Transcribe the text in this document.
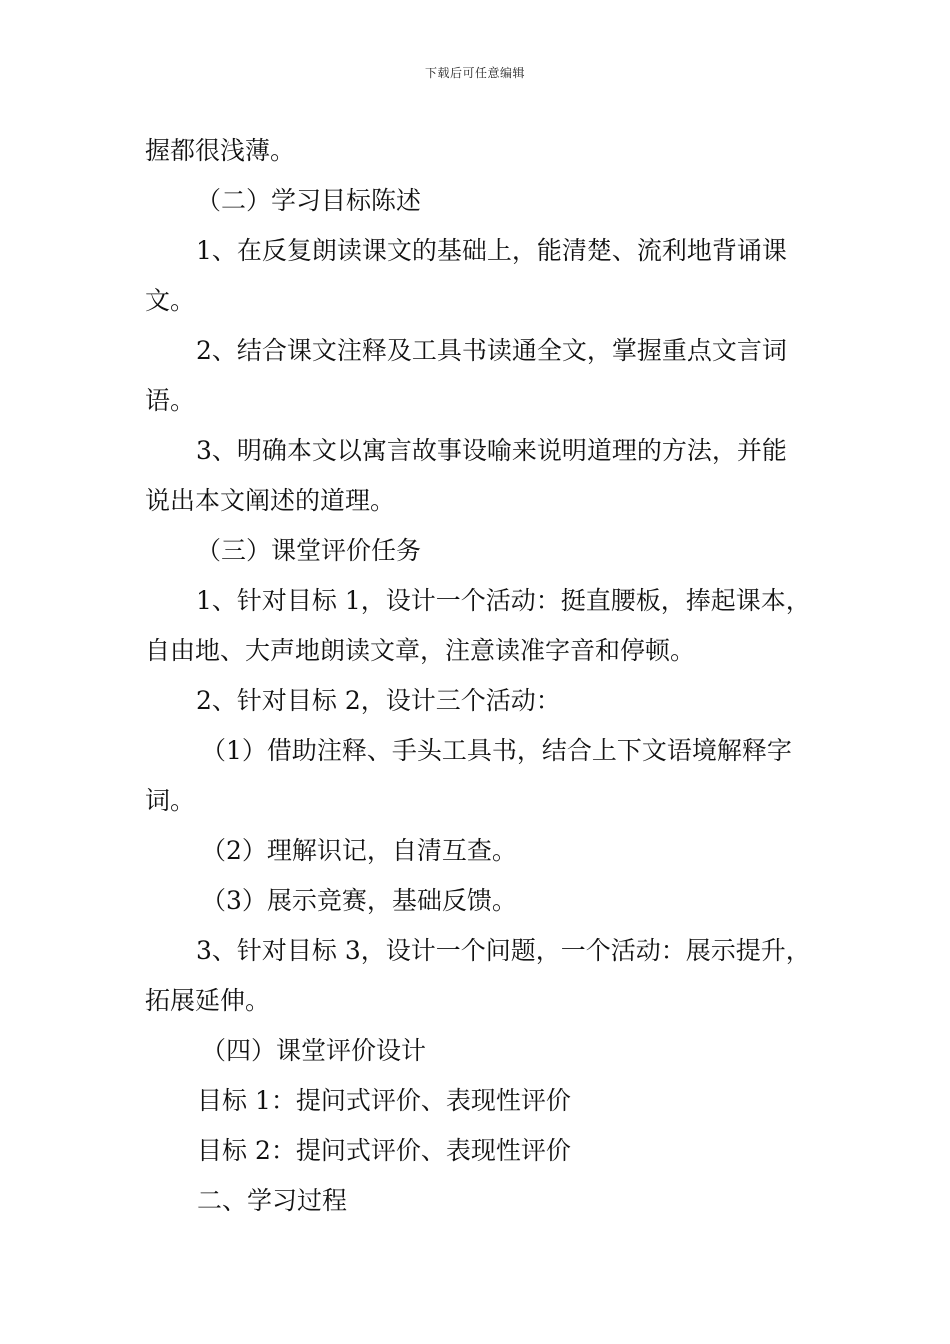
下载后可任意编辑

握都很浅薄。

（二）学习目标陈述

1、在反复朗读课文的基础上，能清楚、流利地背诵课

文。

2、结合课文注释及工具书读通全文，掌握重点文言词

语。

3、明确本文以寓言故事设喻来说明道理的方法，并能

说出本文阐述的道理。

（三）课堂评价任务

1、针对目标 1，设计一个活动：挺直腰板，捧起课本，

自由地、大声地朗读文章，注意读准字音和停顿。

2、针对目标 2，设计三个活动：

（1）借助注释、手头工具书，结合上下文语境解释字

词。

（2）理解识记，自清互查。

（3）展示竞赛，基础反馈。

3、针对目标 3，设计一个问题，一个活动：展示提升，

拓展延伸。

（四）课堂评价设计

目标 1：提问式评价、表现性评价

目标 2：提问式评价、表现性评价

二、学习过程
